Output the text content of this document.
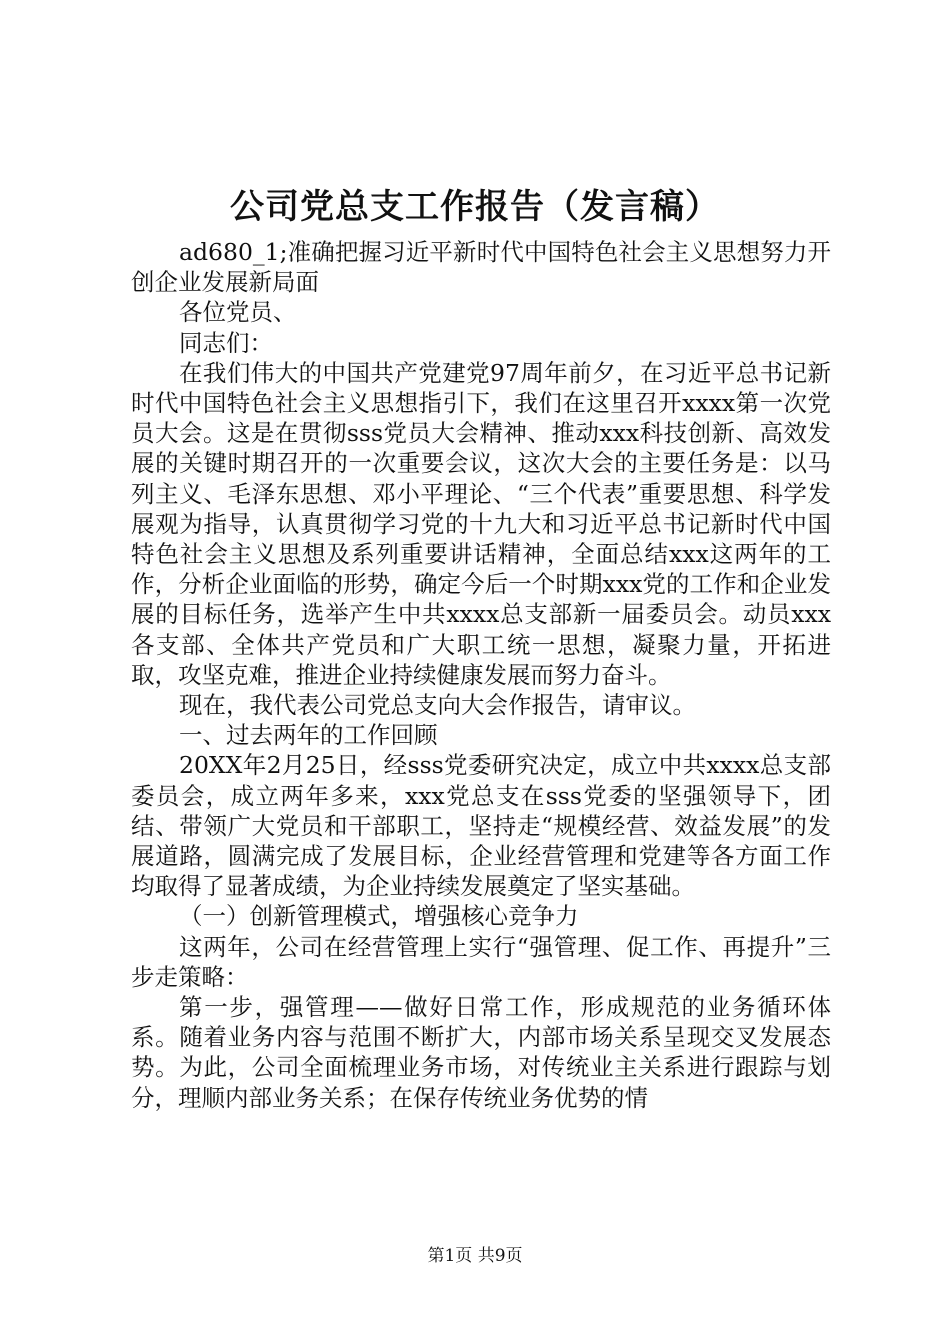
公司党总支工作报告（发言稿）

ad680_1;准确把握习近平新时代中国特色社会主义思想努力开创企业发展新局面

各位党员、

同志们：

在我们伟大的中国共产党建党97周年前夕，在习近平总书记新时代中国特色社会主义思想指引下，我们在这里召开xxxx第一次党员大会。这是在贯彻sss党员大会精神、推动xxx科技创新、高效发展的关键时期召开的一次重要会议，这次大会的主要任务是：以马列主义、毛泽东思想、邓小平理论、“三个代表”重要思想、科学发展观为指导，认真贯彻学习党的十九大和习近平总书记新时代中国特色社会主义思想及系列重要讲话精神，全面总结xxx这两年的工作，分析企业面临的形势，确定今后一个时期xxx党的工作和企业发展的目标任务，选举产生中共xxxx总支部新一届委员会。动员xxx各支部、全体共产党员和广大职工统一思想，凝聚力量，开拓进取，攻坚克难，推进企业持续健康发展而努力奋斗。

现在，我代表公司党总支向大会作报告，请审议。

一、过去两年的工作回顾

20XX年2月25日，经sss党委研究决定，成立中共xxxx总支部委员会，成立两年多来，xxx党总支在sss党委的坚强领导下，团结、带领广大党员和干部职工，坚持走“规模经营、效益发展”的发展道路，圆满完成了发展目标，企业经营管理和党建等各方面工作均取得了显著成绩，为企业持续发展奠定了坚实基础。

（一）创新管理模式，增强核心竞争力

这两年，公司在经营管理上实行“强管理、促工作、再提升”三步走策略：

第一步，强管理——做好日常工作，形成规范的业务循环体系。随着业务内容与范围不断扩大，内部市场关系呈现交叉发展态势。为此，公司全面梳理业务市场，对传统业主关系进行跟踪与划分，理顺内部业务关系；在保存传统业务优势的情

第1页 共9页
